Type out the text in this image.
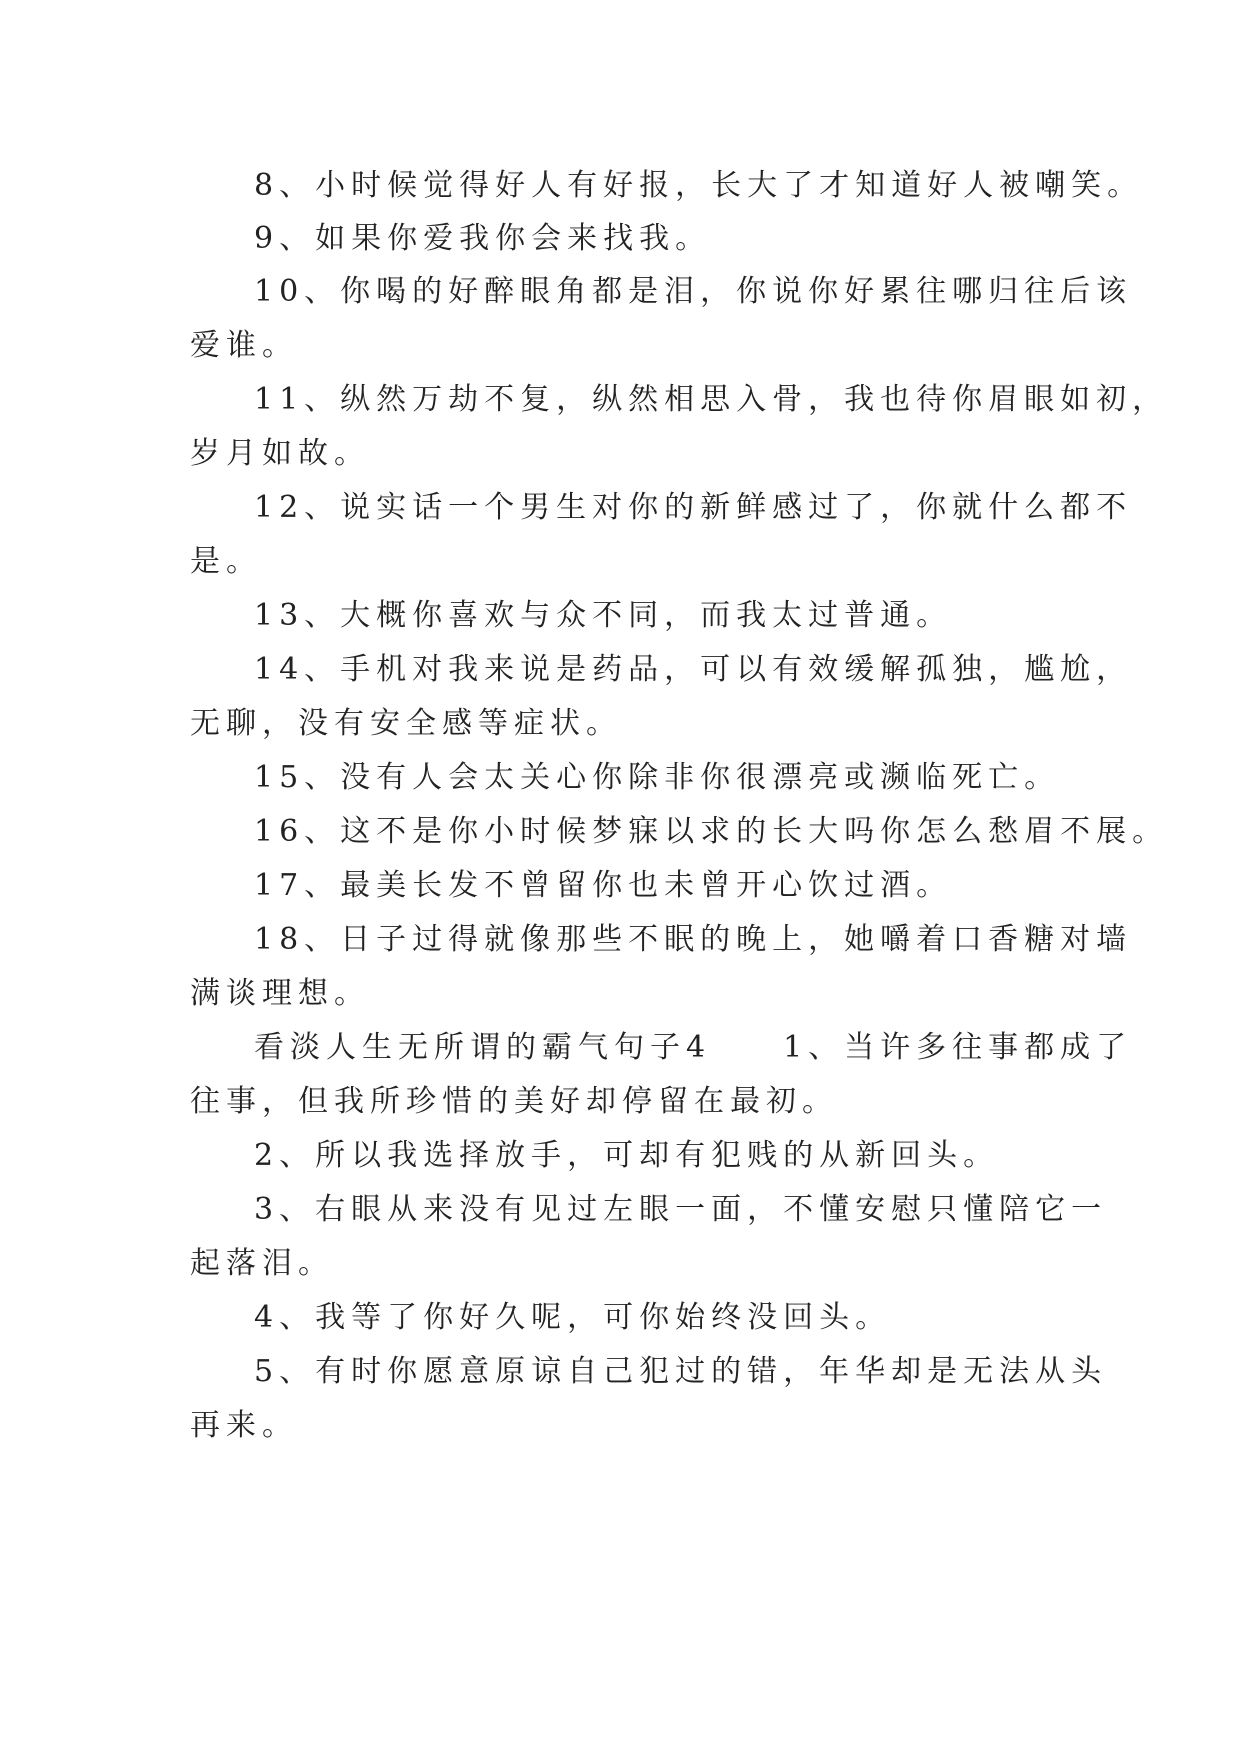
8、小时候觉得好人有好报，长大了才知道好人被嘲笑。
9、如果你爱我你会来找我。
10、你喝的好醉眼角都是泪，你说你好累往哪归往后该
爱谁。
11、纵然万劫不复，纵然相思入骨，我也待你眉眼如初，
岁月如故。
12、说实话一个男生对你的新鲜感过了，你就什么都不
是。
13、大概你喜欢与众不同，而我太过普通。
14、手机对我来说是药品，可以有效缓解孤独，尴尬，
无聊，没有安全感等症状。
15、没有人会太关心你除非你很漂亮或濒临死亡。
16、这不是你小时候梦寐以求的长大吗你怎么愁眉不展。
17、最美长发不曾留你也未曾开心饮过酒。
18、日子过得就像那些不眠的晚上，她嚼着口香糖对墙
满谈理想。
看淡人生无所谓的霸气句子4　　1、当许多往事都成了
往事，但我所珍惜的美好却停留在最初。
2、所以我选择放手，可却有犯贱的从新回头。
3、右眼从来没有见过左眼一面，不懂安慰只懂陪它一
起落泪。
4、我等了你好久呢，可你始终没回头。
5、有时你愿意原谅自己犯过的错，年华却是无法从头
再来。
